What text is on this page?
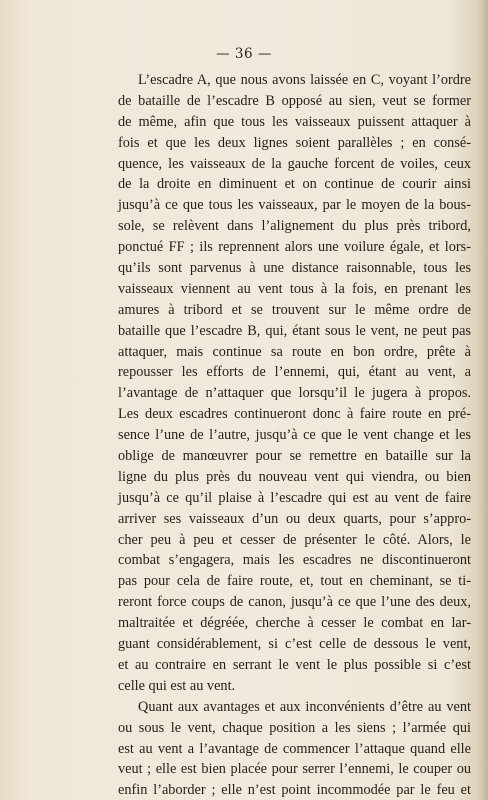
— 36 —
L’escadre A, que nous avons laissée en C, voyant l’ordre
de bataille de l’escadre B opposé au sien, veut se former
de même, afin que tous les vaisseaux puissent attaquer à
fois et que les deux lignes soient parallèles ; en consé-
quence, les vaisseaux de la gauche forcent de voiles, ceux
de la droite en diminuent et on continue de courir ainsi
jusqu’à ce que tous les vaisseaux, par le moyen de la bous-
sole, se relèvent dans l’alignement du plus près tribord,
ponctué FF ; ils reprennent alors une voilure égale, et lors-
qu’ils sont parvenus à une distance raisonnable, tous les
vaisseaux viennent au vent tous à la fois, en prenant les
amures à tribord et se trouvent sur le même ordre de
bataille que l’escadre B, qui, étant sous le vent, ne peut pas
attaquer, mais continue sa route en bon ordre, prête à
repousser les efforts de l’ennemi, qui, étant au vent, a
l’avantage de n’attaquer que lorsqu’il le jugera à propos.
Les deux escadres continueront donc à faire route en pré-
sence l’une de l’autre, jusqu’à ce que le vent change et les
oblige de manœuvrer pour se remettre en bataille sur la
ligne du plus près du nouveau vent qui viendra, ou bien
jusqu’à ce qu’il plaise à l’escadre qui est au vent de faire
arriver ses vaisseaux d’un ou deux quarts, pour s’appro-
cher peu à peu et cesser de présenter le côté. Alors, le
combat s’engagera, mais les escadres ne discontinueront
pas pour cela de faire route, et, tout en cheminant, se ti-
reront force coups de canon, jusqu’à ce que l’une des deux,
maltraitée et dégréée, cherche à cesser le combat en lar-
guant considérablement, si c’est celle de dessous le vent,
et au contraire en serrant le vent le plus possible si c’est
celle qui est au vent.
Quant aux avantages et aux inconvénients d’être au vent
ou sous le vent, chaque position a les siens ; l’armée qui
est au vent a l’avantage de commencer l’attaque quand elle
veut ; elle est bien placée pour serrer l’ennemi, le couper ou
enfin l’aborder ; elle n’est point incommodée par le feu et
